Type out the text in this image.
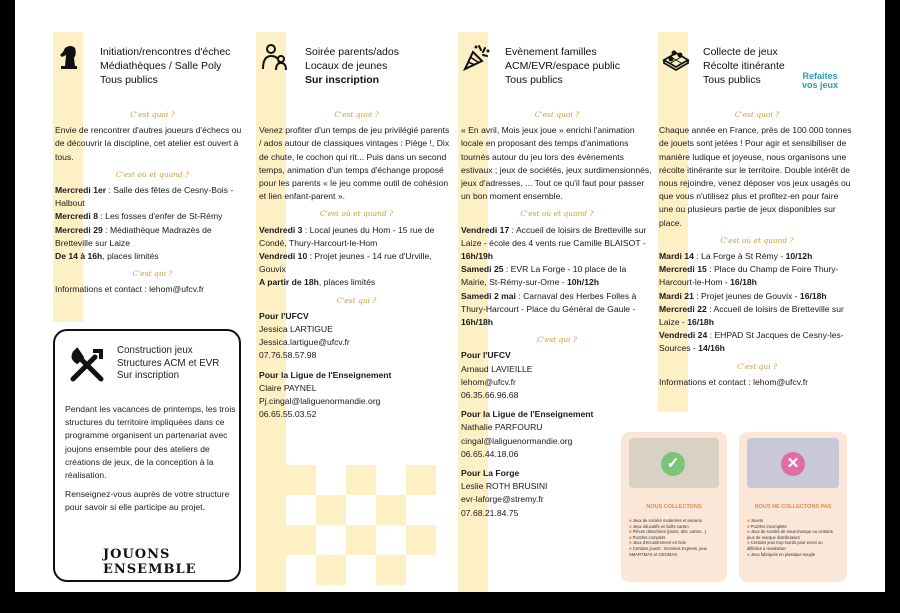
Initiation/rencontres d'échec
Médiathèques / Salle Poly
Tous publics
C'est quoi ?
Envie de rencontrer d'autres joueurs d'échecs ou de découvrir la discipline, cet atelier est ouvert à tous.
C'est où et quand ?
Mercredi 1er : Salle des fêtes de Cesny-Bois -Halbout
Mercredi 8 : Les fosses d'enfer de St-Rémy
Mercredi 29 : Médiathèque Madrazès de Bretteville sur Laize
De 14 à 16h, places limités
C'est qui ?
Informations et contact : lehom@ufcv.fr
Construction jeux
Structures ACM et EVR
Sur inscription
Pendant les vacances de printemps, les trois structures du territoire impliquées dans ce programme organisent un partenariat avec joujons ensemble pour des ateliers de créations de jeux, de la conception à la réalisation.
Renseignez-vous auprès de votre structure pour savoir si elle participe au projet.
JOUONS ENSEMBLE
Soirée parents/ados
Locaux de jeunes
Sur inscription
C'est quoi ?
Venez profiter d'un temps de jeu privilégié parents / ados autour de classiques vintages : Piège !, Dix de chute, le cochon qui rit... Puis dans un second temps, animation d'un temps d'échange proposé pour les parents « le jeu comme outil de cohésion et lien enfant-parent ».
C'est où et quand ?
Vendredi 3 : Local jeunes du Hom - 15 rue de Condé, Thury-Harcourt-le-Hom
Vendredi 10 : Projet jeunes - 14 rue d'Urville, Gouvix
A partir de 18h, places limités
C'est qui ?
Pour l'UFCV
Jessica LARTIGUE
Jessica.lartigue@ufcv.fr
07.76.58.57.98
Pour la Ligue de l'Enseignement
Claire PAYNEL
Pj.cingal@laliguenormandie.org
06.65.55.03.52
Evènement familles
ACM/EVR/espace public
Tous publics
C'est quoi ?
« En avril, Mois jeux joue » enrichi l'animation locale en proposant des temps d'animations tournés autour du jeu lors des évènements estivaux ; jeux de sociétés, jeux surdimensionnés, jeux d'adresses, ... Tout ce qu'il faut pour passer un bon moment ensemble.
C'est où et quand ?
Vendredi 17 : Accueil de loisirs de Bretteville sur Laize - école des 4 vents rue Camille BLAISOT - 16h/19h
Samedi 25 : EVR La Forge - 10 place de la Mairie, St-Rémy-sur-Orne - 10h/12h
Samedi 2 mai : Carnaval des Herbes Folles à Thury-Harcourt - Place du Général de Gaule - 16h/18h
C'est qui ?
Pour l'UFCV
Arnaud LAVIEILLE
lehom@ufcv.fr
06.35.66.96.68
Pour la Ligue de l'Enseignement
Nathalie PARFOURU
cingal@laliguenormandie.org
06.65.44.18.06
Pour La Forge
Leslie ROTH BRUSINI
evr-laforge@stremy.fr
07.68.21.84.75
Collecte de jeux
Récolte itinérante
Tous publics	Refaites vos jeux
C'est quoi ?
Chaque année en France, près de 100 000 tonnes de jouets sont jetées ! Pour agir et sensibiliser de manière ludique et joyeuse, nous organisons une récolte itinérante sur le territoire. Double intérêt de nous rejoindre, venez déposer vos jeux usagés ou que vous n'utilisez plus et profitez-en pour faire une ou plusieurs partie de jeux disponibles sur place.
C'est où et quand ?
Mardi 14 : La Forge à St Rémy - 10/12h
Mercredi 15 : Place du Champ de Foire Thury-Harcourt-le-Hom - 16/18h
Mardi 21 : Projet jeunes de Gouvix - 16/18h
Mercredi 22 : Accueil de loisirs de Bretteville sur Laize - 16/18h
Vendredi 24 : EHPAD St Jacques de Cesny-les-Sources - 14/16h
C'est qui ?
Informations et contact : lehom@ufcv.fr
✓
NOUS COLLECTONS
■ Jeux de société modernes et anciens
■ Jeux éducatifs en boîte carton
■ Pièces détachées (pions, dés, cartes...)
■ Puzzles complets
■ Jeux d'encastrement en bois
■ Certains jouets : Dominos Express, jeux SMARTMAX et GEOMAG
✕
NOUS NE COLLECTONS PAS
■ Jouets
■ Puzzles incomplets
■ Jeux de société de sous-marque ou certains jeux de marque distributeurs
■ Certains jeux trop lourds pour envoi ou difficiles à revaloriser
■ Jeux fabriqués en plastique souple
